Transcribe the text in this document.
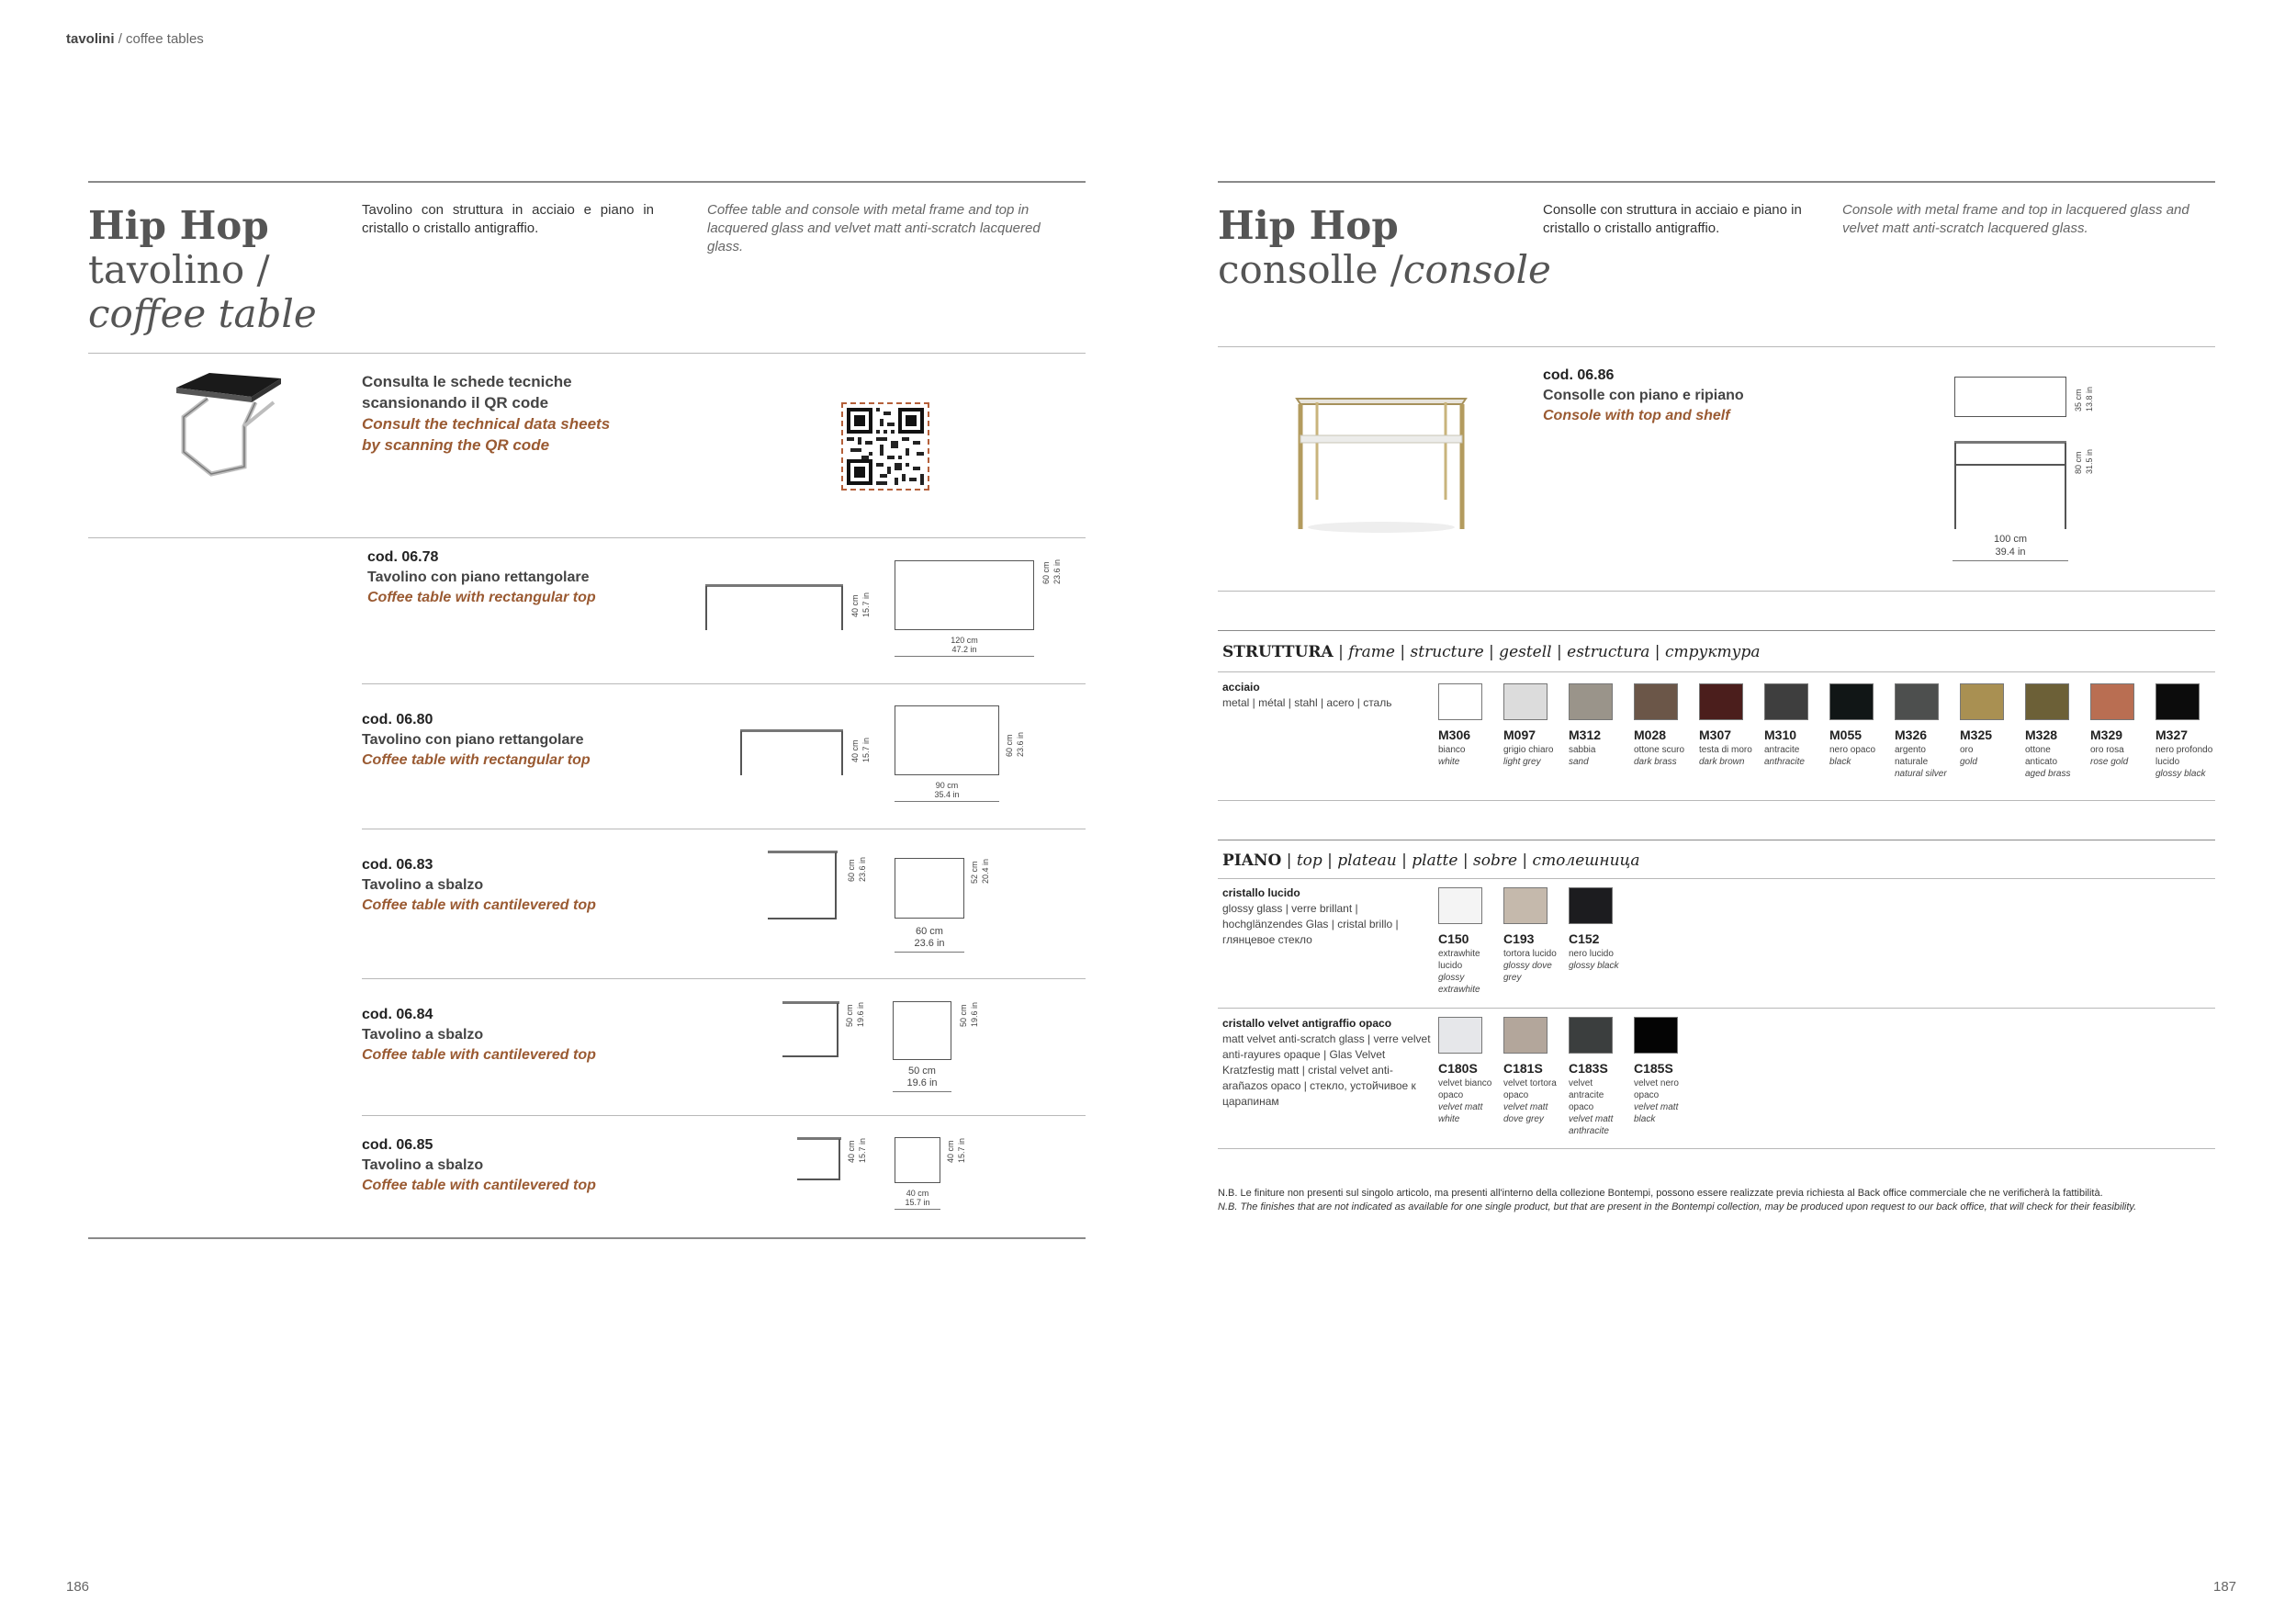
tavolini / coffee tables
Hip Hop
tavolino /
coffee table
Tavolino con struttura in acciaio e piano in cristallo o cristallo antigraffio.
Coffee table and console with metal frame and top in lacquered glass and velvet matt anti-scratch lacquered glass.
Consulta le schede tecniche
scansionando il QR code
Consult the technical data sheets
by scanning the QR code
cod. 06.78
Tavolino con piano rettangolare
Coffee table with rectangular top	40 cm 15.7 in
60 cm 23.6 in
120 cm
47.2 in
cod. 06.80
Tavolino con piano rettangolare
Coffee table with rectangular top	40 cm 15.7 in	60 cm 23.6 in
90 cm
35.4 in
cod. 06.83
Tavolino a sbalzo
Coffee table with cantilevered top
60 cm 23.6 in	52 cm 20.4 in
60 cm
23.6 in
cod. 06.84
Tavolino a sbalzo
Coffee table with cantilevered top
50 cm 19.6 in	50 cm 19.6 in
50 cm
19.6 in
cod. 06.85
Tavolino a sbalzo
Coffee table with cantilevered top
40 cm 15.7 in	40 cm 15.7 in
40 cm
15.7 in
Hip Hop
consolle /console
Consolle con struttura in acciaio e piano in cristallo o cristallo antigraffio.
Console with metal frame and top in lacquered glass and velvet matt anti-scratch lacquered glass.
cod. 06.86
Consolle con piano e ripiano
Console with top and shelf
35 cm 13.8 in
80 cm 31.5 in
100 cm
39.4 in
STRUTTURA | frame | structure | gestell | estructura | структура
acciaio
metal | métal | stahl | acero | сталь
M306
bianco
white
M097
grigio chiaro
light grey
M312
sabbia
sand
M028
ottone scuro
dark brass
M307
testa di moro
dark brown
M310
antracite
anthracite
M055
nero opaco
black
M326
argento naturale
natural silver
M325
oro
gold
M328
ottone anticato
aged brass
M329
oro rosa
rose gold
M327
nero profondo lucido
glossy black
PIANO | top | plateau | platte | sobre | столешница
cristallo lucido
glossy glass | verre brillant | hochglänzendes Glas | cristal brillo | глянцевое стекло	C150
extrawhite lucido
glossy extrawhite
C193
tortora lucido
glossy dove grey
C152
nero lucido
glossy black
cristallo velvet antigraffio opaco
matt velvet anti-scratch glass | verre velvet anti-rayures opaque | Glas Velvet Kratzfestig matt | cristal velvet anti-arañazos opaco | стекло, устойчивое к царапинам
C180S
velvet bianco opaco
velvet matt white
C181S
velvet tortora opaco
velvet matt dove grey
C183S
velvet antracite opaco
velvet matt anthracite
C185S
velvet nero opaco
velvet matt black
N.B. Le finiture non presenti sul singolo articolo, ma presenti all'interno della collezione Bontempi, possono essere realizzate previa richiesta al Back office commerciale che ne verificherà la fattibilità.
N.B. The finishes that are not indicated as available for one single product, but that are present in the Bontempi collection, may be produced upon request to our back office, that will check for their feasibility.
186	187
